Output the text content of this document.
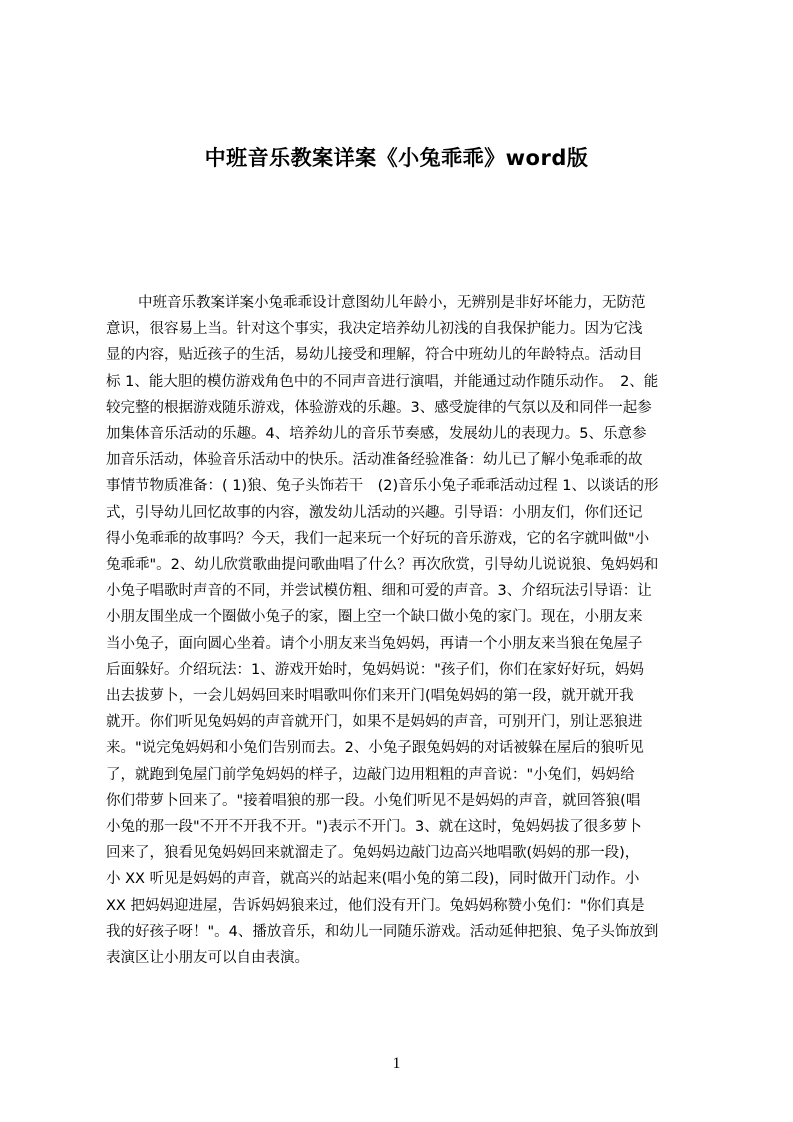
中班音乐教案详案《小兔乖乖》word版
中班音乐教案详案小兔乖乖设计意图幼儿年龄小，无辨别是非好坏能力，无防范
意识，很容易上当。针对这个事实，我决定培养幼儿初浅的自我保护能力。因为它浅
显的内容，贴近孩子的生活，易幼儿接受和理解，符合中班幼儿的年龄特点。活动目
标 1、能大胆的模仿游戏角色中的不同声音进行演唱，并能通过动作随乐动作。　2、能
较完整的根据游戏随乐游戏，体验游戏的乐趣。3、感受旋律的气氛以及和同伴一起参
加集体音乐活动的乐趣。4、培养幼儿的音乐节奏感，发展幼儿的表现力。5、乐意参
加音乐活动，体验音乐活动中的快乐。活动准备经验准备：幼儿已了解小兔乖乖的故
事情节物质准备：( 1)狼、兔子头饰若干　(2)音乐小兔子乖乖活动过程 1、以谈话的形
式，引导幼儿回忆故事的内容，激发幼儿活动的兴趣。引导语：小朋友们，你们还记
得小兔乖乖的故事吗？今天，我们一起来玩一个好玩的音乐游戏，它的名字就叫做"小
兔乖乖"。2、幼儿欣赏歌曲提问歌曲唱了什么？再次欣赏，引导幼儿说说狼、兔妈妈和
小兔子唱歌时声音的不同，并尝试模仿粗、细和可爱的声音。3、介绍玩法引导语：让
小朋友围坐成一个圈做小兔子的家，圈上空一个缺口做小兔的家门。现在，小朋友来
当小兔子，面向圆心坐着。请个小朋友来当兔妈妈，再请一个小朋友来当狼在兔屋子
后面躲好。介绍玩法：1、游戏开始时，兔妈妈说："孩子们，你们在家好好玩，妈妈
出去拔萝卜，一会儿妈妈回来时唱歌叫你们来开门(唱兔妈妈的第一段，就开就开我
就开。你们听见兔妈妈的声音就开门，如果不是妈妈的声音，可别开门，别让恶狼进
来。"说完兔妈妈和小兔们告别而去。2、小兔子跟兔妈妈的对话被躲在屋后的狼听见
了，就跑到兔屋门前学兔妈妈的样子，边敲门边用粗粗的声音说："小兔们，妈妈给
你们带萝卜回来了。"接着唱狼的那一段。小兔们听见不是妈妈的声音，就回答狼(唱
小兔的那一段"不开不开我不开。")表示不开门。3、就在这时，兔妈妈拔了很多萝卜
回来了，狼看见兔妈妈回来就溜走了。兔妈妈边敲门边高兴地唱歌(妈妈的那一段)，
小 XX 听见是妈妈的声音，就高兴的站起来(唱小兔的第二段)，同时做开门动作。小
XX 把妈妈迎进屋，告诉妈妈狼来过，他们没有开门。兔妈妈称赞小兔们："你们真是
我的好孩子呀！"。4、播放音乐，和幼儿一同随乐游戏。活动延伸把狼、兔子头饰放到
表演区让小朋友可以自由表演。
1
